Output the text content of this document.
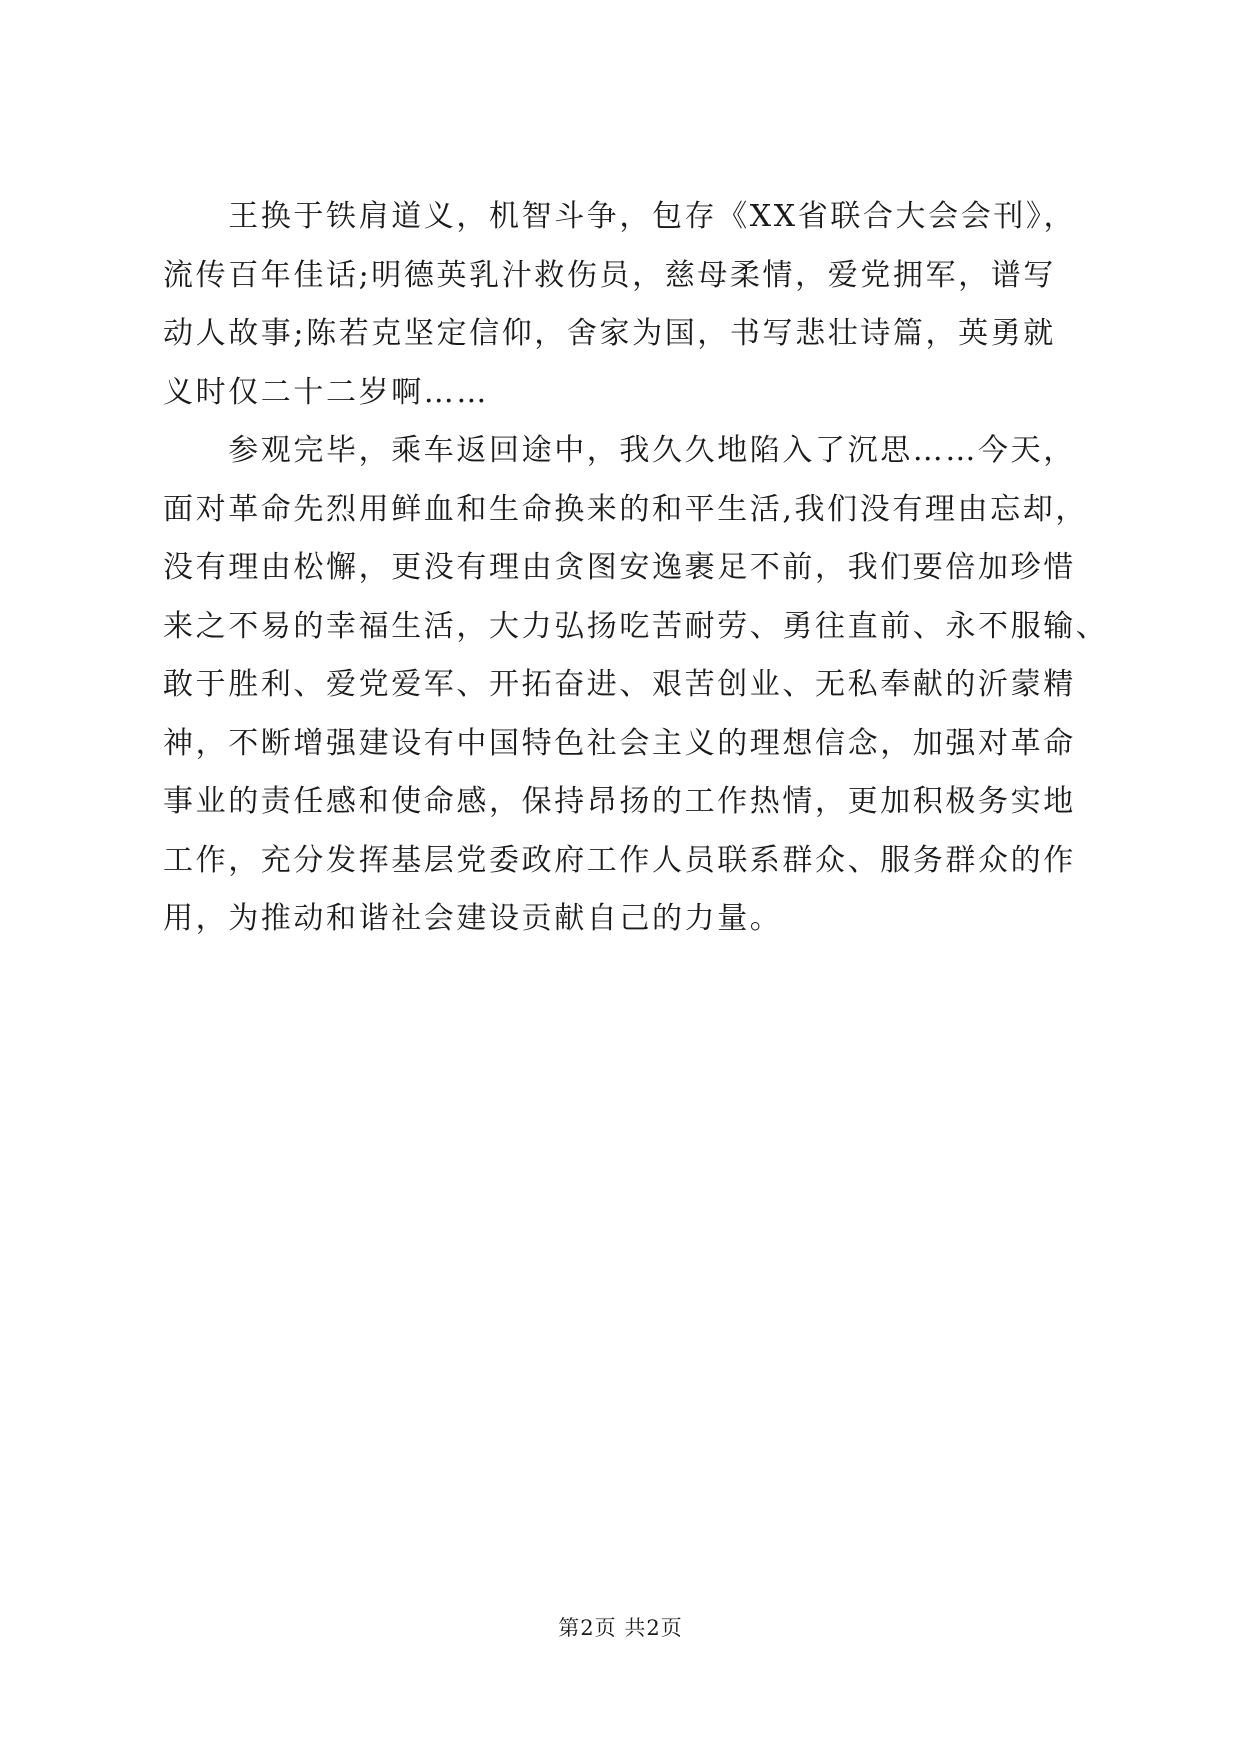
　　王换于铁肩道义，机智斗争，包存《XX省联合大会会刊》，
流传百年佳话;明德英乳汁救伤员，慈母柔情，爱党拥军，谱写
动人故事;陈若克坚定信仰，舍家为国，书写悲壮诗篇，英勇就
义时仅二十二岁啊……
　　参观完毕，乘车返回途中，我久久地陷入了沉思……今天，
面对革命先烈用鲜血和生命换来的和平生活,我们没有理由忘却，
没有理由松懈，更没有理由贪图安逸裹足不前，我们要倍加珍惜
来之不易的幸福生活，大力弘扬吃苦耐劳、勇往直前、永不服输、
敢于胜利、爱党爱军、开拓奋进、艰苦创业、无私奉献的沂蒙精
神，不断增强建设有中国特色社会主义的理想信念，加强对革命
事业的责任感和使命感，保持昂扬的工作热情，更加积极务实地
工作，充分发挥基层党委政府工作人员联系群众、服务群众的作
用，为推动和谐社会建设贡献自己的力量。
第2页 共2页
